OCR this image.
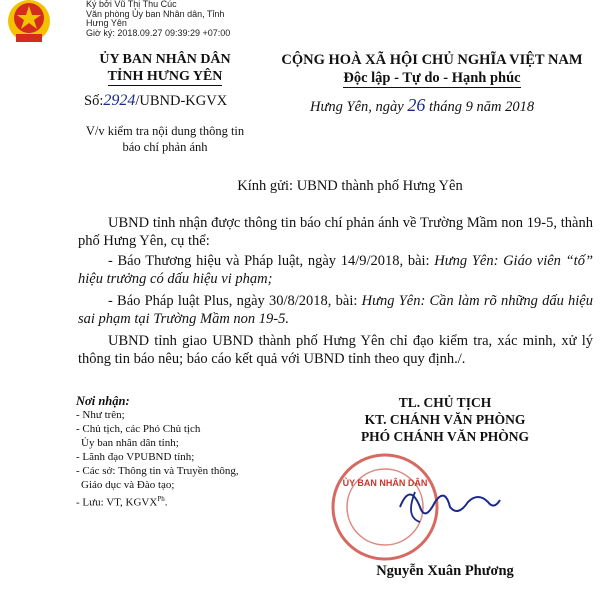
Ký bởi Vũ Thị Thu Cúc
Văn phòng Ủy ban Nhân dân, Tỉnh
Hưng Yên
Giờ ký: 2018.09.27 09:39:29 +07:00
ỦY BAN NHÂN DÂN
TỈNH HƯNG YÊN
CỘNG HOÀ XÃ HỘI CHỦ NGHĨA VIỆT NAM
Độc lập - Tự do - Hạnh phúc
Số:2924/UBND-KGVX	Hưng Yên, ngày 26 tháng 9 năm 2018
V/v kiểm tra nội dung thông tin
báo chí phản ánh
Kính gửi: UBND thành phố Hưng Yên
UBND tỉnh nhận được thông tin báo chí phản ánh về Trường Mầm non 19-5, thành phố Hưng Yên, cụ thể:
- Báo Thương hiệu và Pháp luật, ngày 14/9/2018, bài: Hưng Yên: Giáo viên “tố” hiệu trưởng có dấu hiệu vi phạm;
- Báo Pháp luật Plus, ngày 30/8/2018, bài: Hưng Yên: Cần làm rõ những dấu hiệu sai phạm tại Trường Mầm non 19-5.
UBND tỉnh giao UBND thành phố Hưng Yên chỉ đạo kiểm tra, xác minh, xử lý thông tin báo nêu; báo cáo kết quả với UBND tỉnh theo quy định./.
Nơi nhận:
- Như trên;
- Chủ tịch, các Phó Chủ tịch
Ủy ban nhân dân tỉnh;
- Lãnh đạo VPUBND tỉnh;
- Các sở: Thông tin và Truyền thông,
Giáo dục và Đào tạo;
- Lưu: VT, $KGVX^{Ph}$.
TL. CHỦ TỊCH
KT. CHÁNH VĂN PHÒNG
PHÓ CHÁNH VĂN PHÒNG
ỦY BAN NHÂN DÂN
Nguyễn Xuân Phương
